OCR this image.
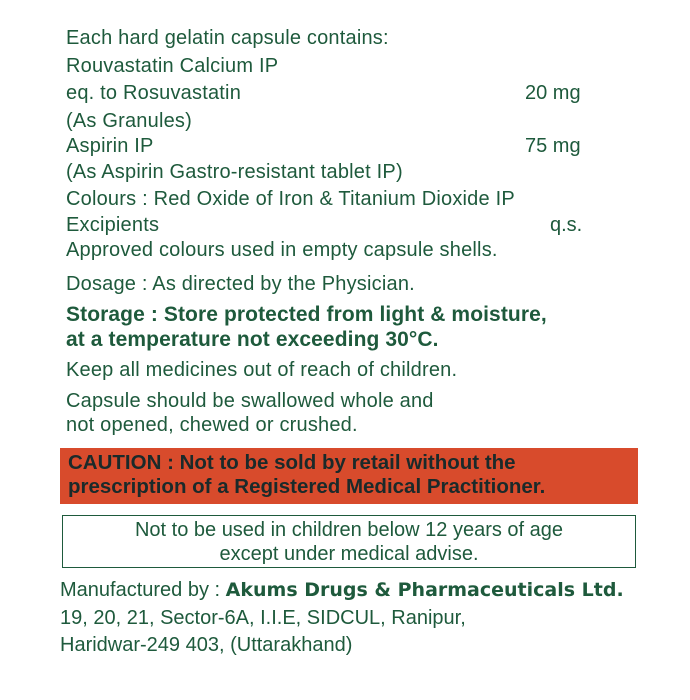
Each hard gelatin capsule contains:
Rouvastatin Calcium IP
eq. to Rosuvastatin	20 mg
(As Granules)
Aspirin IP	75 mg
(As Aspirin Gastro-resistant tablet IP)
Colours : Red Oxide of Iron & Titanium Dioxide IP
Excipients	q.s.
Approved colours used in empty capsule shells.
Dosage : As directed by the Physician.
Storage : Store protected from light & moisture,
at a temperature not exceeding 30°C.
Keep all medicines out of reach of children.
Capsule should be swallowed whole and
not opened, chewed or crushed.
CAUTION : Not to be sold by retail without the
prescription of a Registered Medical Practitioner.
Not to be used in children below 12 years of age
except under medical advise.
Manufactured by : Akums Drugs & Pharmaceuticals Ltd.
19, 20, 21, Sector-6A, I.I.E, SIDCUL, Ranipur,
Haridwar-249 403, (Uttarakhand)
